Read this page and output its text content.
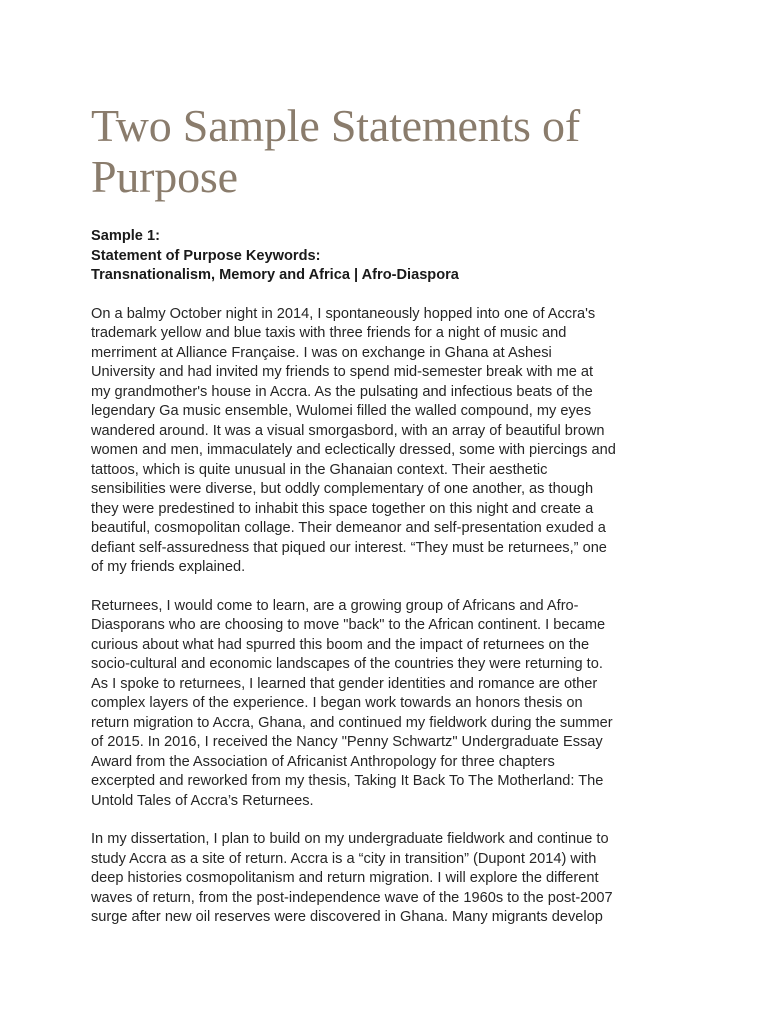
Two Sample Statements of
Purpose
Sample 1:
Statement of Purpose Keywords:
Transnationalism, Memory and Africa | Afro-Diaspora

On a balmy October night in 2014, I spontaneously hopped into one of Accra's
trademark yellow and blue taxis with three friends for a night of music and
merriment at Alliance Française. I was on exchange in Ghana at Ashesi
University and had invited my friends to spend mid-semester break with me at
my grandmother's house in Accra. As the pulsating and infectious beats of the
legendary Ga music ensemble, Wulomei filled the walled compound, my eyes
wandered around. It was a visual smorgasbord, with an array of beautiful brown
women and men, immaculately and eclectically dressed, some with piercings and
tattoos, which is quite unusual in the Ghanaian context. Their aesthetic
sensibilities were diverse, but oddly complementary of one another, as though
they were predestined to inhabit this space together on this night and create a
beautiful, cosmopolitan collage. Their demeanor and self-presentation exuded a
defiant self-assuredness that piqued our interest. “They must be returnees,” one
of my friends explained.

Returnees, I would come to learn, are a growing group of Africans and Afro-
Diasporans who are choosing to move "back" to the African continent. I became
curious about what had spurred this boom and the impact of returnees on the
socio-cultural and economic landscapes of the countries they were returning to.
As I spoke to returnees, I learned that gender identities and romance are other
complex layers of the experience. I began work towards an honors thesis on
return migration to Accra, Ghana, and continued my fieldwork during the summer
of 2015. In 2016, I received the Nancy "Penny Schwartz" Undergraduate Essay
Award from the Association of Africanist Anthropology for three chapters
excerpted and reworked from my thesis, Taking It Back To The Motherland: The
Untold Tales of Accra’s Returnees.

In my dissertation, I plan to build on my undergraduate fieldwork and continue to
study Accra as a site of return. Accra is a “city in transition” (Dupont 2014) with
deep histories cosmopolitanism and return migration. I will explore the different
waves of return, from the post-independence wave of the 1960s to the post-2007
surge after new oil reserves were discovered in Ghana. Many migrants develop
